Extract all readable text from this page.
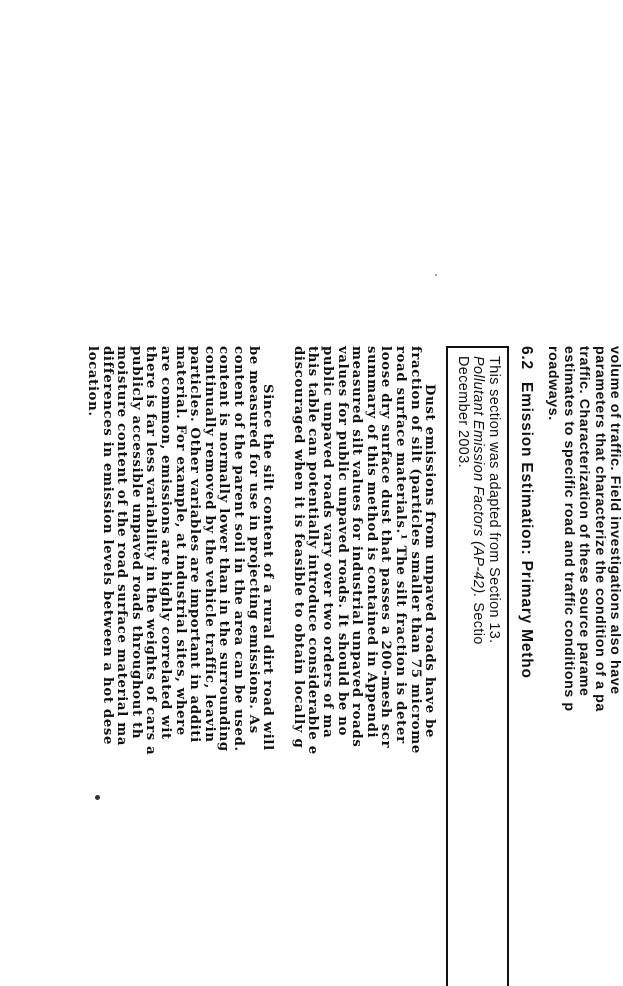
volume of traffic. Field investigations also have

parameters that characterize the condition of a pa

traffic. Characterization of these source parame

estimates to specific road and traffic conditions p

roadways.

6.2Emission Estimation: Primary Metho
This section was adapted from Section 13.
Pollutant Emission Factors (AP-42). Sectio
December 2003.
Dust emissions from unpaved roads have be
fraction of silt (particles smaller than 75 microme
road surface materials.¹ The silt fraction is deter
loose dry surface dust that passes a 200-mesh scr
summary of this method is contained in Appendi
measured silt values for industrial unpaved roads
values for public unpaved roads. It should be no
public unpaved roads vary over two orders of ma
this table can potentially introduce considerable e
discouraged when it is feasible to obtain locally g
Since the silt content of a rural dirt road will
be measured for use in projecting emissions. As
content of the parent soil in the area can be used.
content is normally lower than in the surrounding
continually removed by the vehicle traffic, leavin
particles. Other variables are important in additi
material. For example, at industrial sites, where
are common, emissions are highly correlated wit
there is far less variability in the weights of cars a
publicly accessible unpaved roads throughout th
moisture content of the road surface material ma
differences in emission levels between a hot dese
location.
